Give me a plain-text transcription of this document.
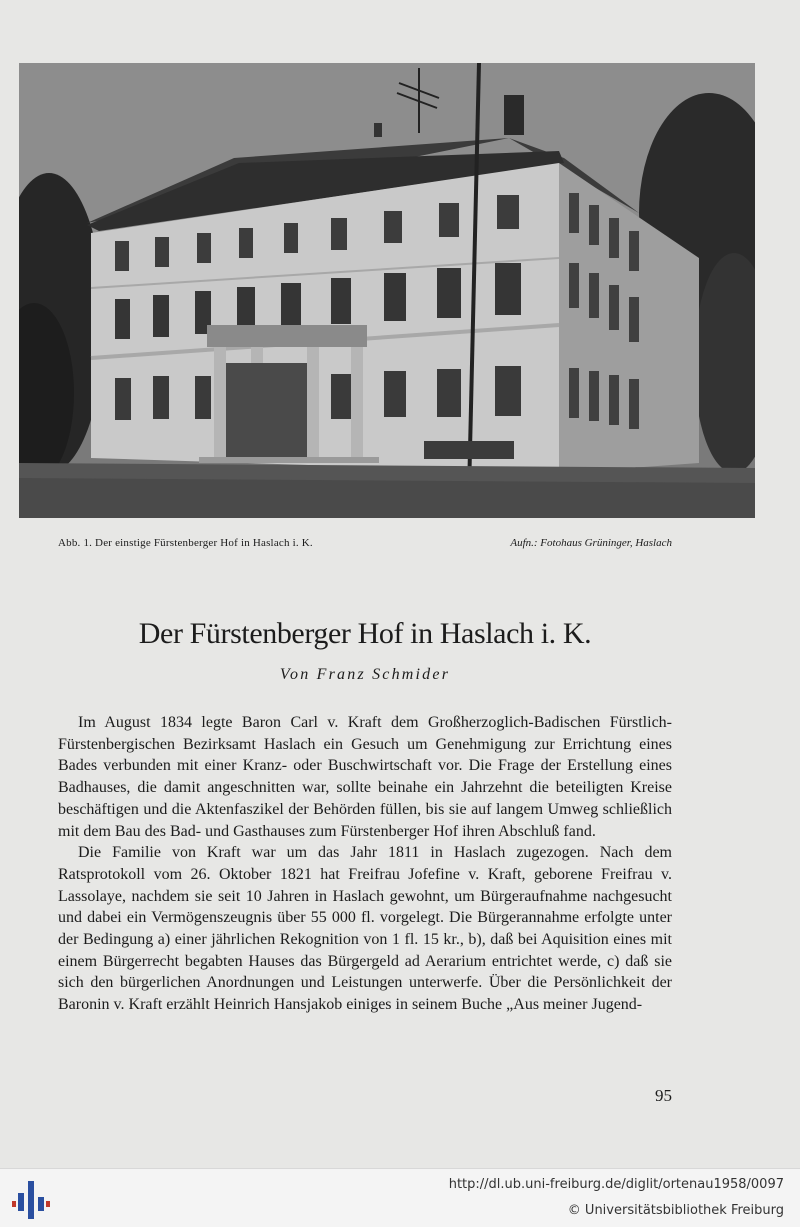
Abb. 1. Der einstige Fürstenberger Hof in Haslach i. K.	Aufn.: Fotohaus Grüninger, Haslach
Der Fürstenberger Hof in Haslach i. K.
Von Franz Schmider

Im August 1834 legte Baron Carl v. Kraft dem Großherzoglich-Badischen Fürstlich-Fürstenbergischen Bezirksamt Haslach ein Gesuch um Genehmigung zur Errichtung eines Bades verbunden mit einer Kranz- oder Buschwirtschaft vor. Die Frage der Erstellung eines Badhauses, die damit angeschnitten war, sollte beinahe ein Jahrzehnt die beteiligten Kreise beschäftigen und die Aktenfaszikel der Behörden füllen, bis sie auf langem Umweg schließlich mit dem Bau des Bad- und Gasthauses zum Fürstenberger Hof ihren Abschluß fand.

Die Familie von Kraft war um das Jahr 1811 in Haslach zugezogen. Nach dem Ratsprotokoll vom 26. Oktober 1821 hat Freifrau Jofefine v. Kraft, geborene Freifrau v. Lassolaye, nachdem sie seit 10 Jahren in Haslach gewohnt, um Bürgeraufnahme nachgesucht und dabei ein Vermögenszeugnis über 55 000 fl. vorgelegt. Die Bürgerannahme erfolgte unter der Bedingung a) einer jährlichen Rekognition von 1 fl. 15 kr., b), daß bei Aquisition eines mit einem Bürgerrecht begabten Hauses das Bürgergeld ad Aerarium entrichtet werde, c) daß sie sich den bürgerlichen Anordnungen und Leistungen unterwerfe. Über die Persönlichkeit der Baronin v. Kraft erzählt Heinrich Hansjakob einiges in seinem Buche „Aus meiner Jugend-

95
http://dl.ub.uni-freiburg.de/diglit/ortenau1958/0097
© Universitätsbibliothek Freiburg
